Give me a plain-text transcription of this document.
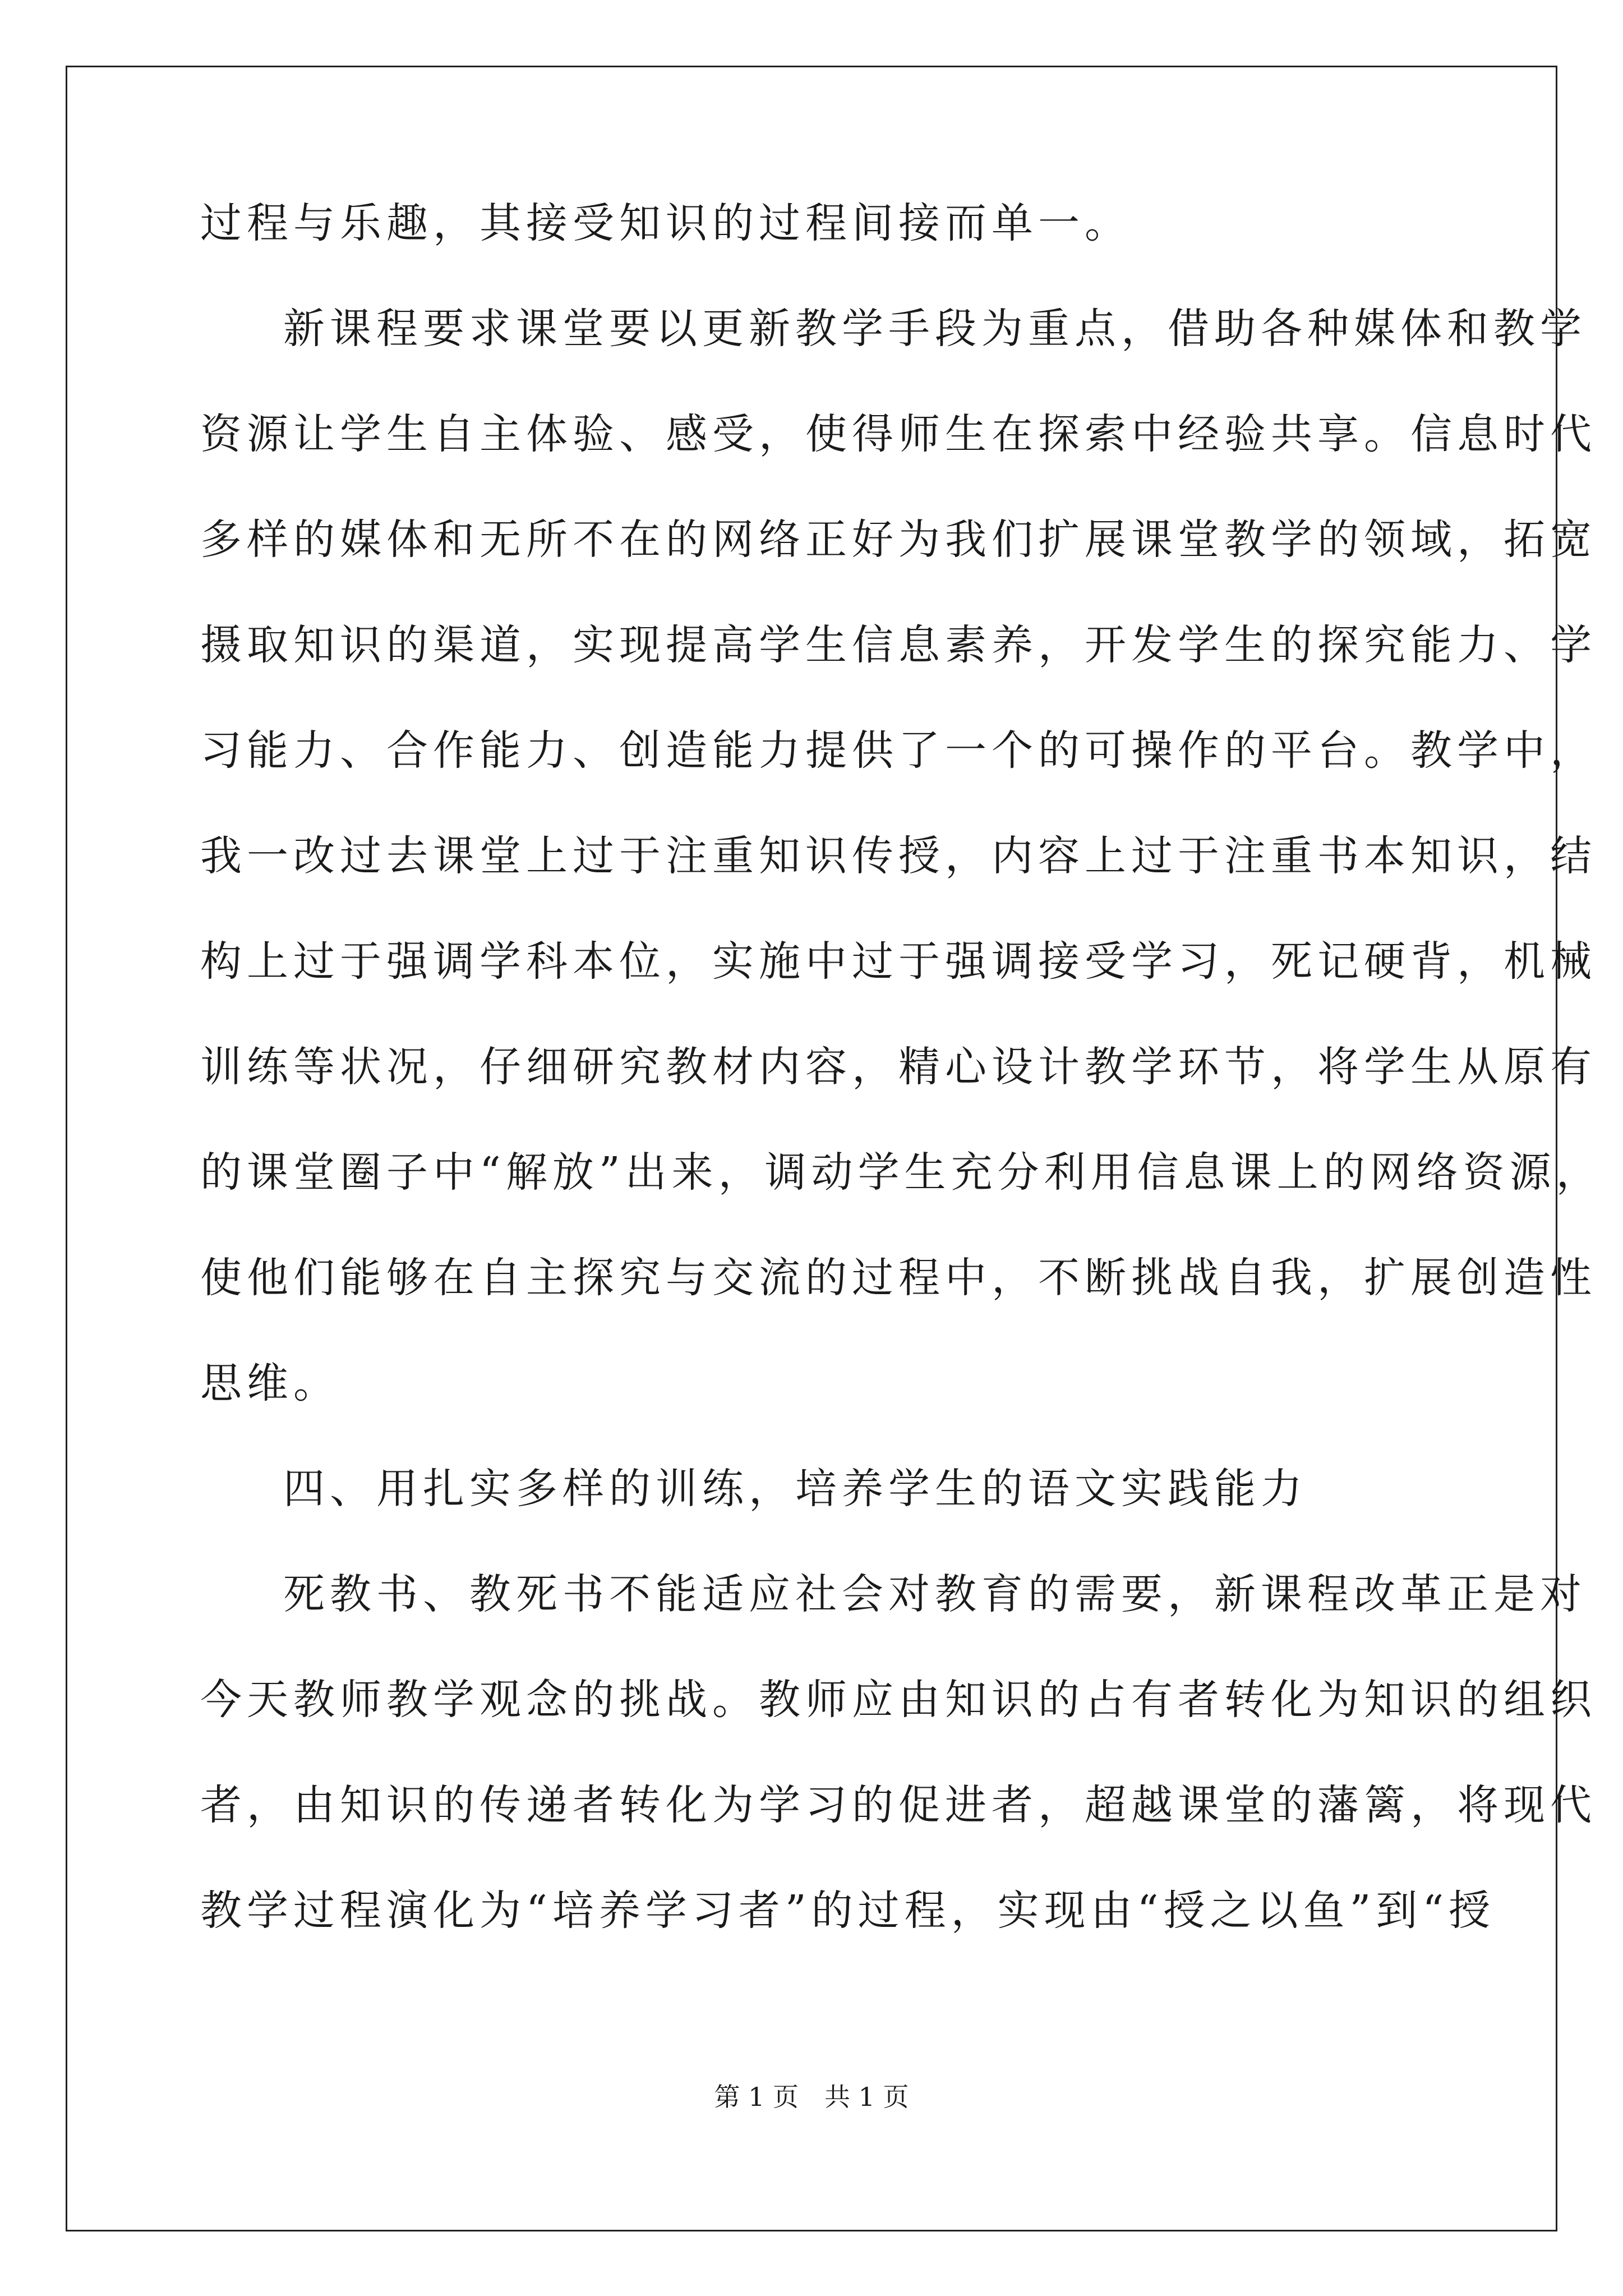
过程与乐趣，其接受知识的过程间接而单一。
新课程要求课堂要以更新教学手段为重点，借助各种媒体和教学
资源让学生自主体验、感受，使得师生在探索中经验共享。信息时代
多样的媒体和无所不在的网络正好为我们扩展课堂教学的领域，拓宽
摄取知识的渠道，实现提高学生信息素养，开发学生的探究能力、学
习能力、合作能力、创造能力提供了一个的可操作的平台。教学中，
我一改过去课堂上过于注重知识传授，内容上过于注重书本知识，结
构上过于强调学科本位，实施中过于强调接受学习，死记硬背，机械
训练等状况，仔细研究教材内容，精心设计教学环节，将学生从原有
的课堂圈子中“解放”出来，调动学生充分利用信息课上的网络资源，
使他们能够在自主探究与交流的过程中，不断挑战自我，扩展创造性
思维。
四、用扎实多样的训练，培养学生的语文实践能力
死教书、教死书不能适应社会对教育的需要，新课程改革正是对
今天教师教学观念的挑战。教师应由知识的占有者转化为知识的组织
者，由知识的传递者转化为学习的促进者，超越课堂的藩篱，将现代
教学过程演化为“培养学习者”的过程，实现由“授之以鱼”到“授
第 1 页　共 1 页
